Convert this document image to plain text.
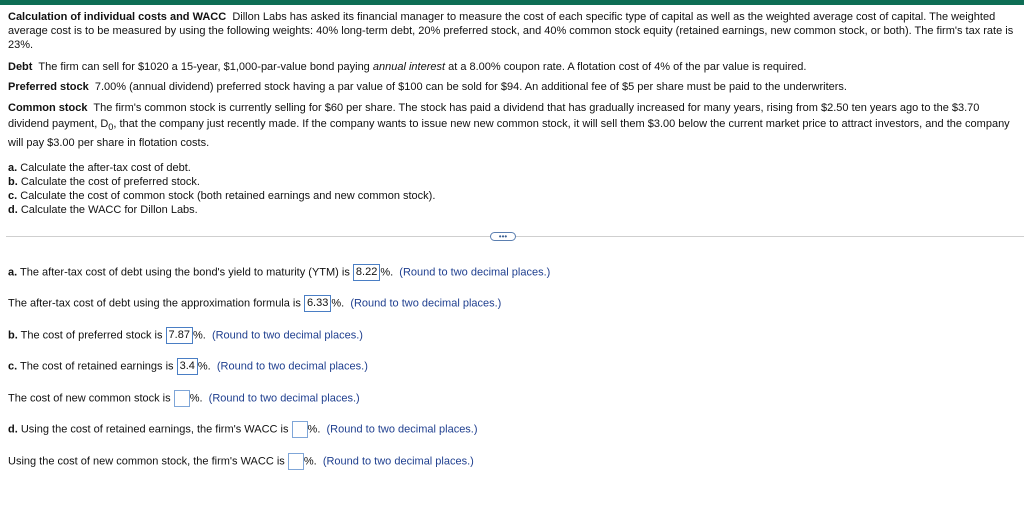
Calculation of individual costs and WACC Dillon Labs has asked its financial manager to measure the cost of each specific type of capital as well as the weighted average cost of capital. The weighted average cost is to be measured by using the following weights: 40% long-term debt, 20% preferred stock, and 40% common stock equity (retained earnings, new common stock, or both). The firm's tax rate is 23%.

Debt The firm can sell for $1020 a 15-year, $1,000-par-value bond paying annual interest at a 8.00% coupon rate. A flotation cost of 4% of the par value is required.

Preferred stock 7.00% (annual dividend) preferred stock having a par value of $100 can be sold for $94. An additional fee of $5 per share must be paid to the underwriters.

Common stock The firm's common stock is currently selling for $60 per share. The stock has paid a dividend that has gradually increased for many years, rising from $2.50 ten years ago to the $3.70 dividend payment, $D_0$, that the company just recently made. If the company wants to issue new new common stock, it will sell them $3.00 below the current market price to attract investors, and the company will pay $3.00 per share in flotation costs.

a. Calculate the after-tax cost of debt.
b. Calculate the cost of preferred stock.
c. Calculate the cost of common stock (both retained earnings and new common stock).
d. Calculate the WACC for Dillon Labs.
•••
a. The after-tax cost of debt using the bond's yield to maturity (YTM) is 8.22 %. (Round to two decimal places.)
The after-tax cost of debt using the approximation formula is 6.33 %. (Round to two decimal places.)
b. The cost of preferred stock is 7.87 %. (Round to two decimal places.)
c. The cost of retained earnings is 3.4 %. (Round to two decimal places.)
The cost of new common stock is %. (Round to two decimal places.)
d. Using the cost of retained earnings, the firm's WACC is %. (Round to two decimal places.)
Using the cost of new common stock, the firm's WACC is %. (Round to two decimal places.)
